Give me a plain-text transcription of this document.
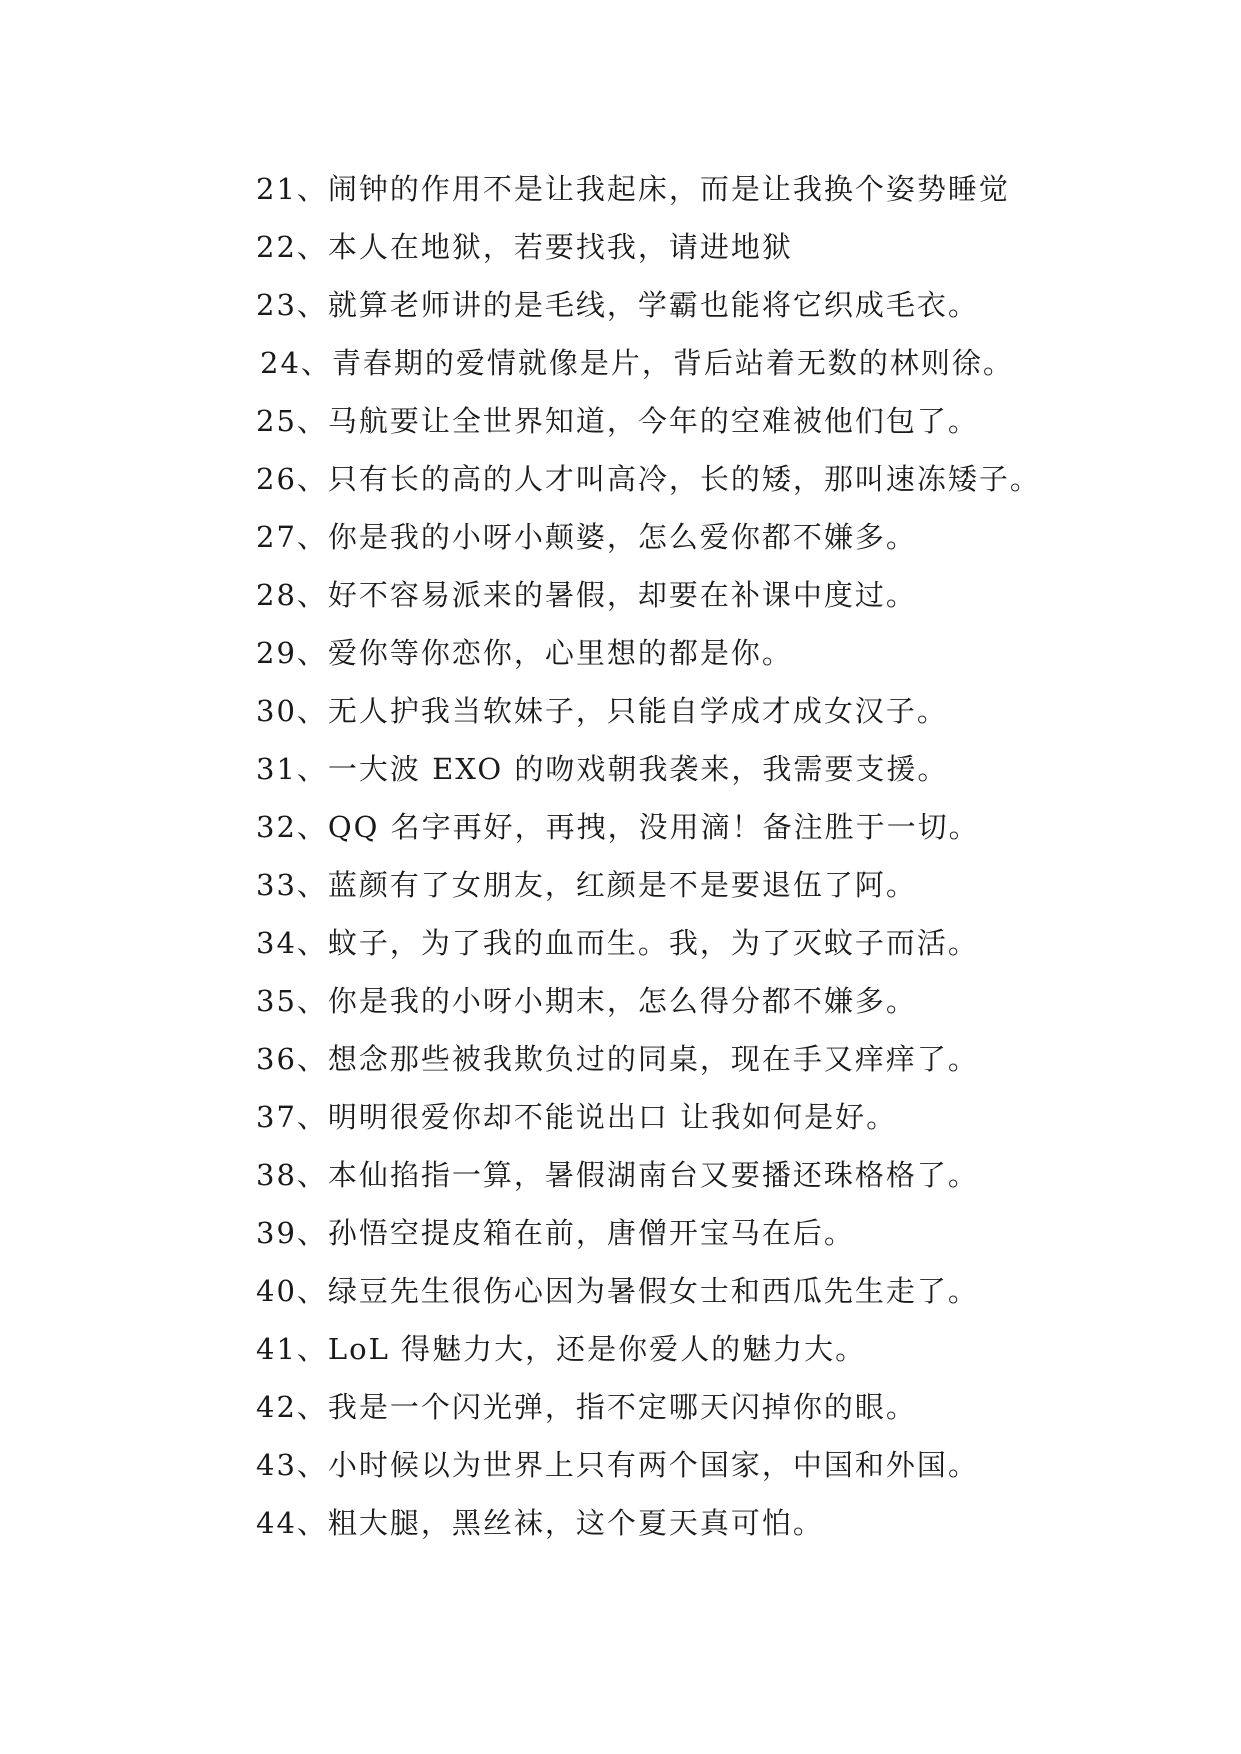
21、闹钟的作用不是让我起床，而是让我换个姿势睡觉
22、本人在地狱，若要找我，请进地狱
23、就算老师讲的是毛线，学霸也能将它织成毛衣。
24、青春期的爱情就像是片，背后站着无数的林则徐。
25、马航要让全世界知道，今年的空难被他们包了。
26、只有长的高的人才叫高冷，长的矮，那叫速冻矮子。
27、你是我的小呀小颠婆，怎么爱你都不嫌多。
28、好不容易派来的暑假，却要在补课中度过。
29、爱你等你恋你，心里想的都是你。
30、无人护我当软妹子，只能自学成才成女汉子。
31、一大波 EXO 的吻戏朝我袭来，我需要支援。
32、QQ 名字再好，再拽，没用滴！备注胜于一切。
33、蓝颜有了女朋友，红颜是不是要退伍了阿。
34、蚊子，为了我的血而生。我，为了灭蚊子而活。
35、你是我的小呀小期末，怎么得分都不嫌多。
36、想念那些被我欺负过的同桌，现在手又痒痒了。
37、明明很爱你却不能说出口 让我如何是好。
38、本仙掐指一算，暑假湖南台又要播还珠格格了。
39、孙悟空提皮箱在前，唐僧开宝马在后。
40、绿豆先生很伤心因为暑假女士和西瓜先生走了。
41、LoL 得魅力大，还是你爱人的魅力大。
42、我是一个闪光弹，指不定哪天闪掉你的眼。
43、小时候以为世界上只有两个国家，中国和外国。
44、粗大腿，黑丝袜，这个夏天真可怕。
